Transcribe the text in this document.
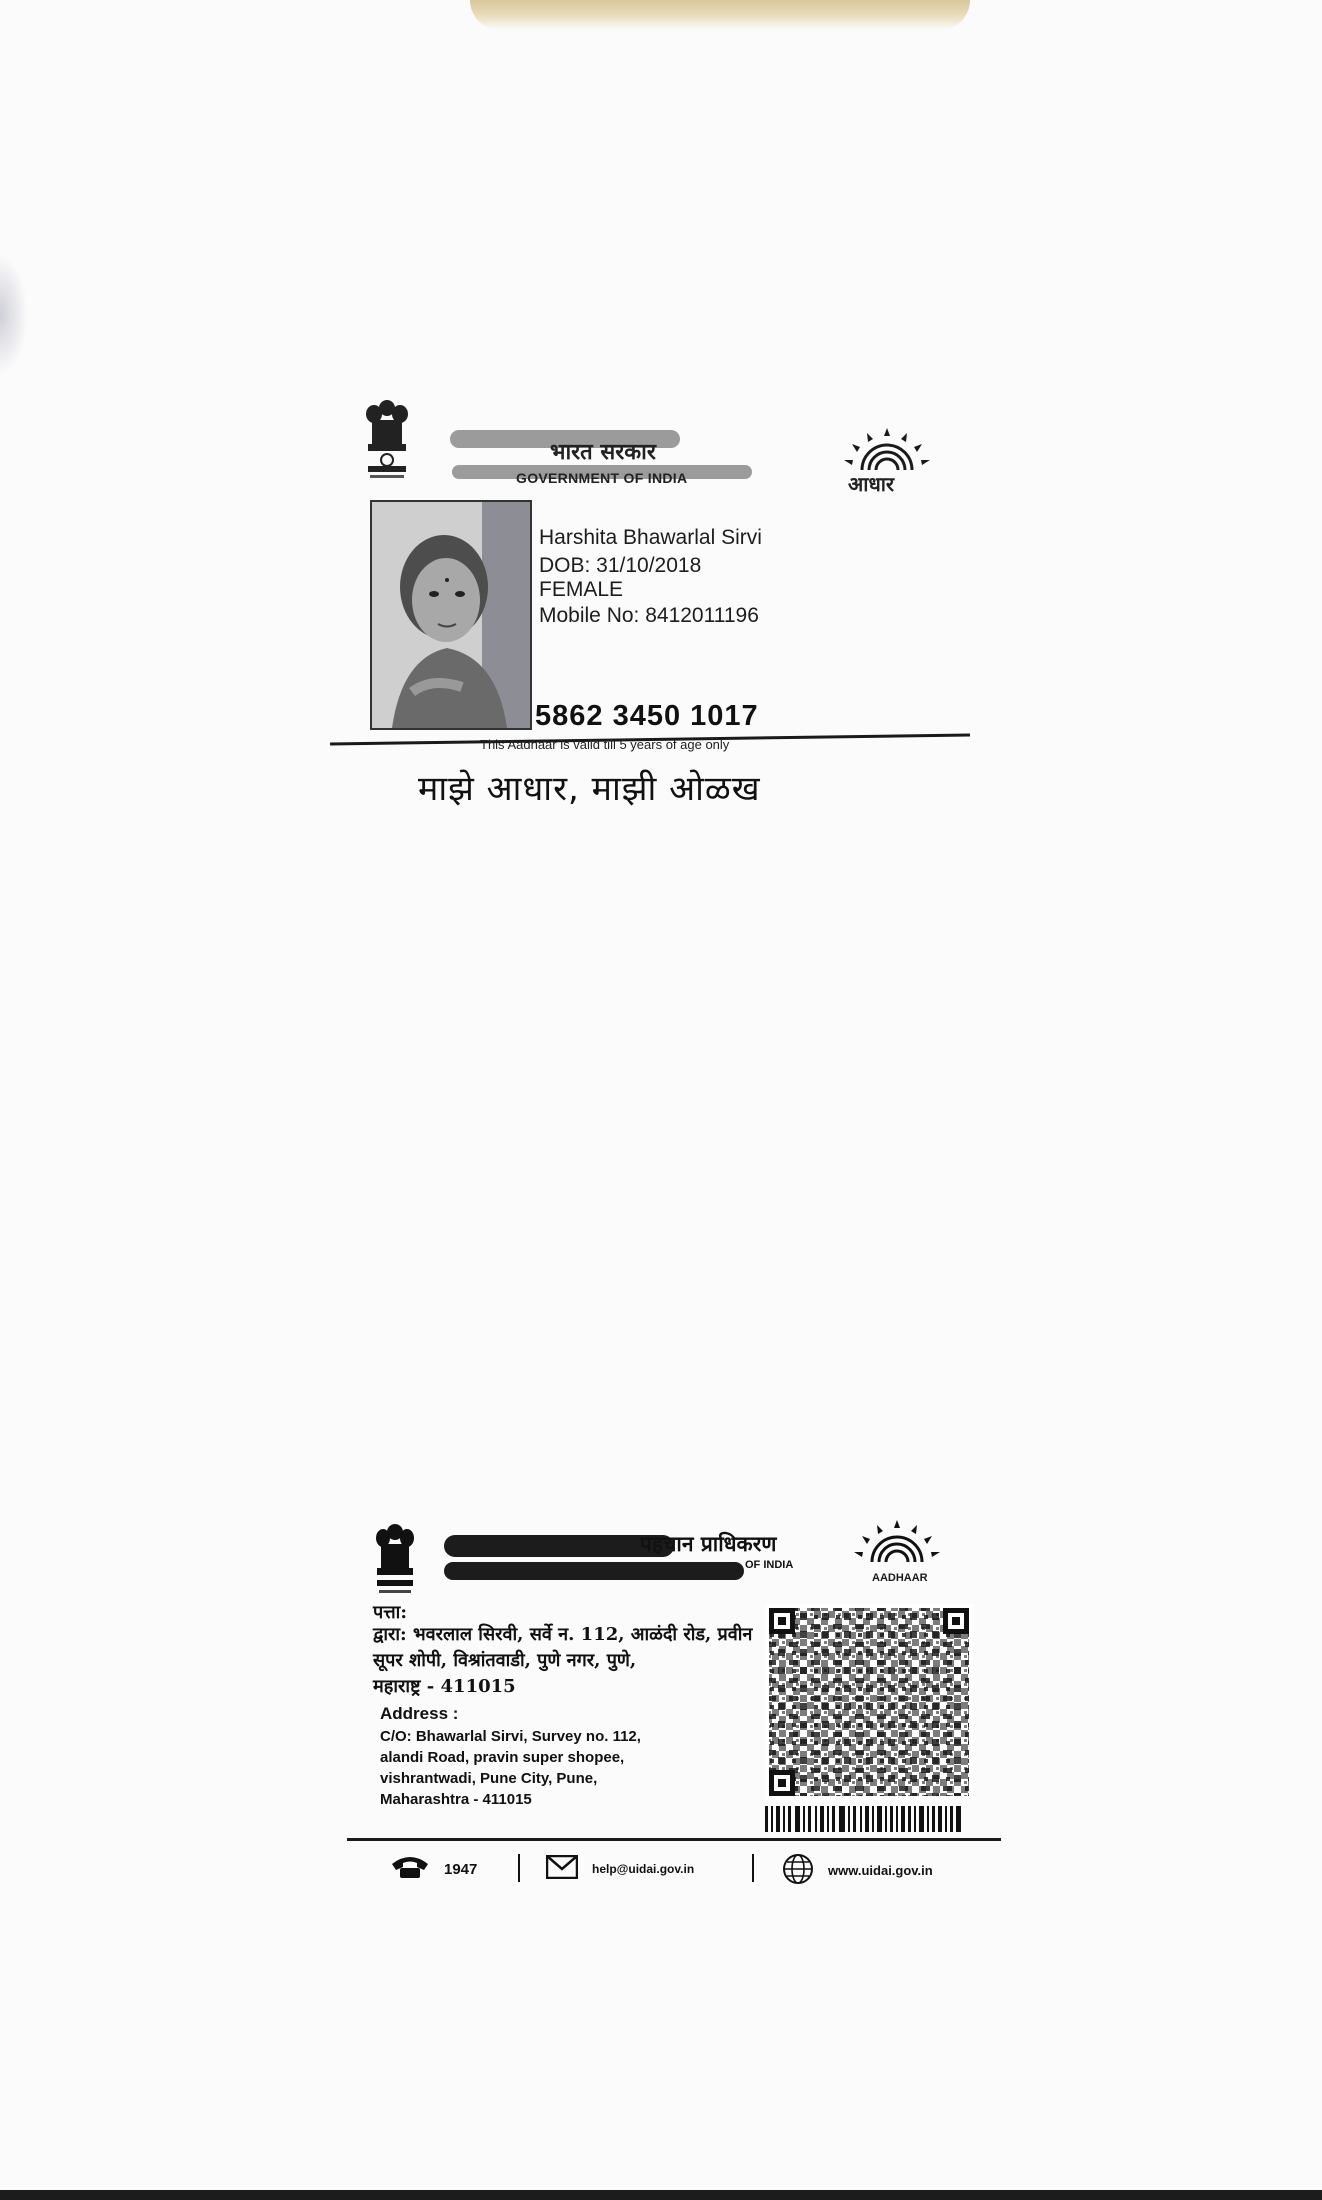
भारत सरकार
GOVERNMENT OF INDIA	आधार
Harshita Bhawarlal Sirvi
DOB: 31/10/2018
FEMALE
Mobile No: 8412011196
5862 3450 1017
This Aadhaar is valid till 5 years of age only
माझे आधार, माझी ओळख
पहचान प्राधिकरण
OF INDIA
AADHAAR
पत्ता:
द्वारा: भवरलाल सिरवी, सर्वे न. 112, आळंदी रोड, प्रवीन
सूपर शोपी, विश्रांतवाडी, पुणे नगर, पुणे,
महाराष्ट्र - 411015
Address :
C/O: Bhawarlal Sirvi, Survey no. 112,
alandi Road, pravin super shopee,
vishrantwadi, Pune City, Pune,
Maharashtra - 411015
1947	help@uidai.gov.in	www.uidai.gov.in
